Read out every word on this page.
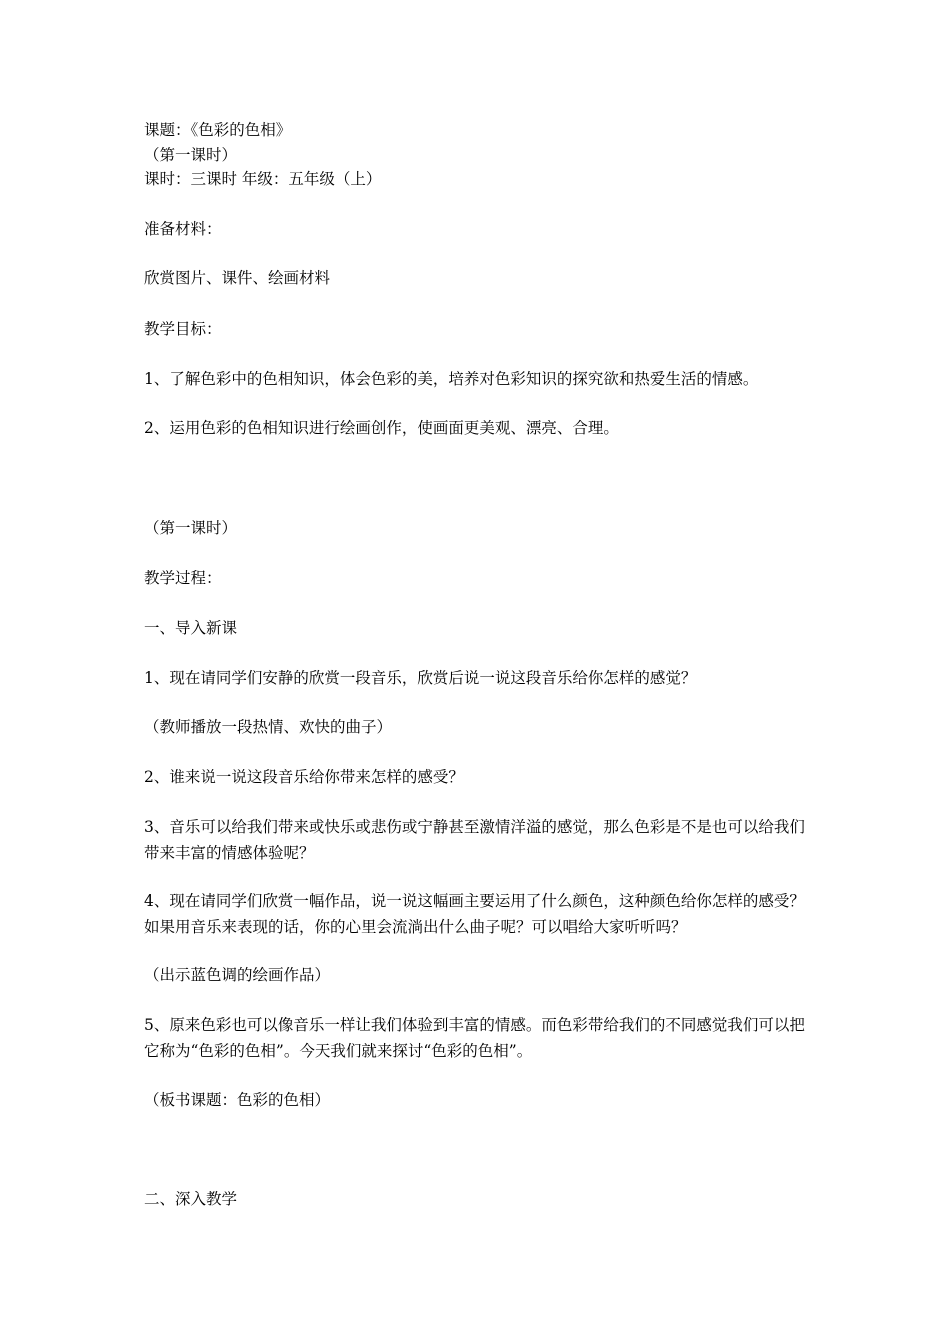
课题：《色彩的色相》
（第一课时）
课时：三课时 年级：五年级（上）
准备材料：
欣赏图片、课件、绘画材料
教学目标：
1、了解色彩中的色相知识，体会色彩的美，培养对色彩知识的探究欲和热爱生活的情感。
2、运用色彩的色相知识进行绘画创作，使画面更美观、漂亮、合理。
（第一课时）
教学过程：
一、导入新课
1、现在请同学们安静的欣赏一段音乐，欣赏后说一说这段音乐给你怎样的感觉？
（教师播放一段热情、欢快的曲子）
2、谁来说一说这段音乐给你带来怎样的感受？
3、音乐可以给我们带来或快乐或悲伤或宁静甚至激情洋溢的感觉，那么色彩是不是也可以给我们带来丰富的情感体验呢？
4、现在请同学们欣赏一幅作品，说一说这幅画主要运用了什么颜色，这种颜色给你怎样的感受？如果用音乐来表现的话，你的心里会流淌出什么曲子呢？可以唱给大家听听吗？
（出示蓝色调的绘画作品）
5、原来色彩也可以像音乐一样让我们体验到丰富的情感。而色彩带给我们的不同感觉我们可以把它称为“色彩的色相”。今天我们就来探讨“色彩的色相”。
（板书课题：色彩的色相）
二、深入教学
